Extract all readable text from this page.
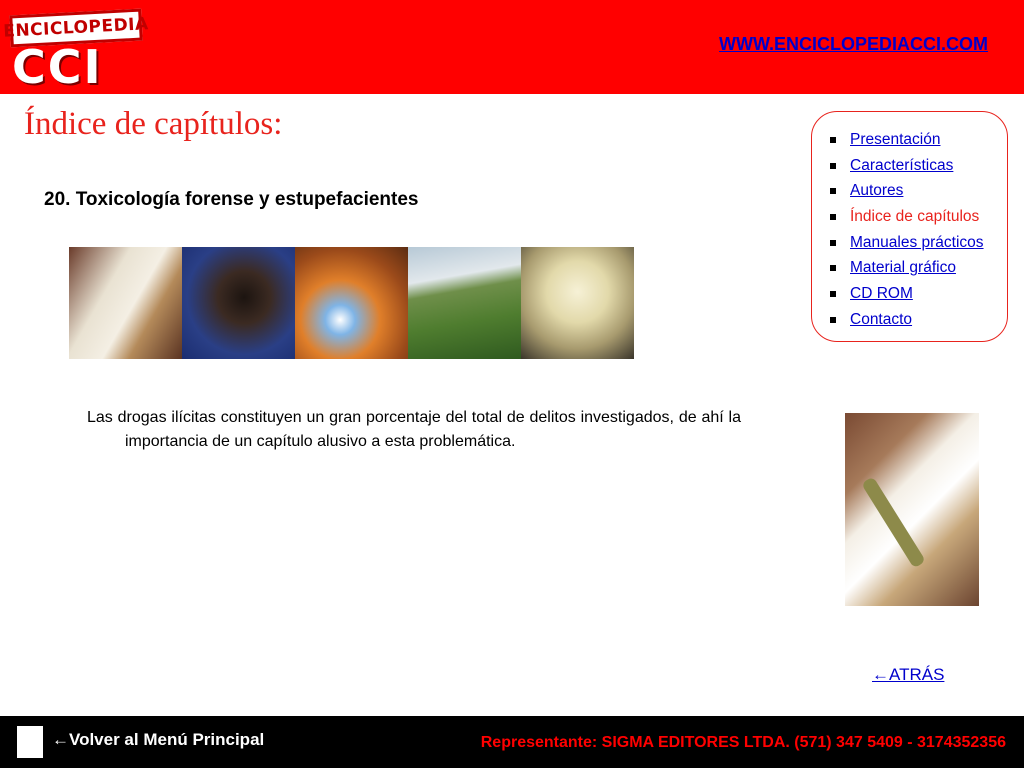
ENCICLOPEDIA
CCI	WWW.ENCICLOPEDIACCI.COM
Índice de capítulos:
20. Toxicología forense y estupefacientes

Las drogas ilícitas constituyen un gran porcentaje del total de delitos investigados, de ahí la importancia de un capítulo alusivo a esta problemática.

Presentación
Características
Autores
Índice de capítulos
Manuales prácticos
Material gráfico
CD ROM
Contacto
←ATRÁS
←Volver al Menú Principal	Representante: SIGMA EDITORES LTDA. (571) 347 5409 - 3174352356
